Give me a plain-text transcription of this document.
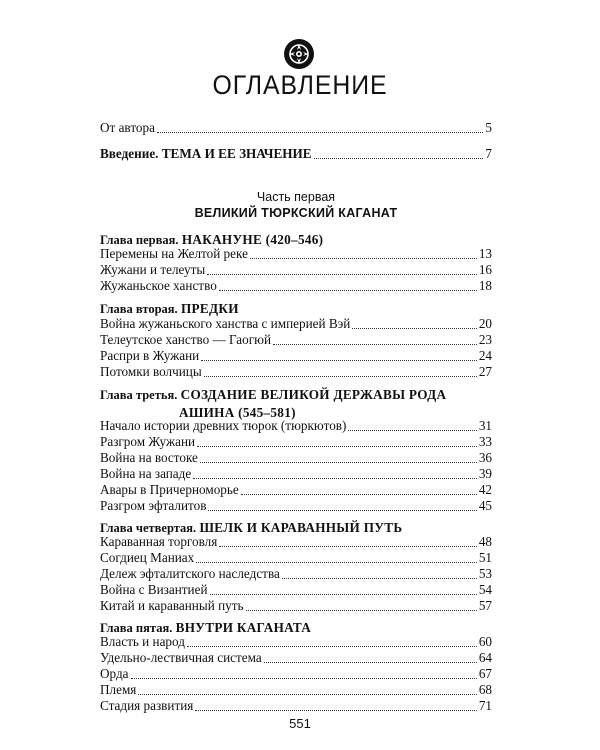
ОГЛАВЛЕНИЕ
От автора	5
Введение. ТЕМА И ЕЕ ЗНАЧЕНИЕ	7
Часть первая
ВЕЛИКИЙ ТЮРКСКИЙ КАГАНАТ
Глава первая. НАКАНУНЕ (420–546)
Перемены на Желтой реке	13
Жужани и телеуты	16
Жужаньское ханство	18
Глава вторая. ПРЕДКИ
Война жужаньского ханства с империей Вэй	20
Телеутское ханство — Гаогюй	23
Распри в Жужани	24
Потомки волчицы	27
Глава третья. СОЗДАНИЕ ВЕЛИКОЙ ДЕРЖАВЫ РОДА
АШИНА (545–581)
Начало истории древних тюрок (тюркютов)	31
Разгром Жужани	33
Война на востоке	36
Война на западе	39
Авары в Причерноморье	42
Разгром эфталитов	45
Глава четвертая. ШЕЛК И КАРАВАННЫЙ ПУТЬ
Караванная торговля	48
Согдиец Маниах	51
Дележ эфталитского наследства	53
Война с Византией	54
Китай и караванный путь	57
Глава пятая. ВНУТРИ КАГАНАТА
Власть и народ	60
Удельно-лествичная система	64
Орда	67
Племя	68
Стадия развития	71
551
